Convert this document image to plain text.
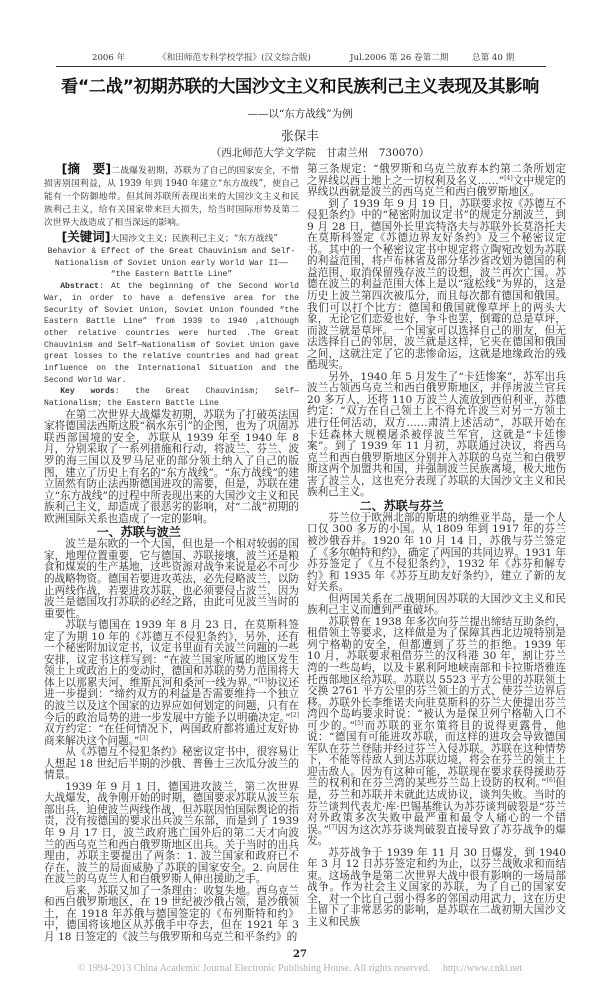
2006 年	《和田师范专科学校学报》(汉文综合版)	Jul.2006 第 26 卷第二期	总第 40 期
看“二战”初期苏联的大国沙文主义和民族利己主义表现及其影响
——以“东方战线”为例
张保丰
（西北师范大学文学院　甘肃兰州　730070）

[摘　要]二战爆发初期，苏联为了自己的国家安全，不惜损害别国利益，从 1939 年到 1940 年建立“东方战线”，使自己能有一个防御地带。但其间苏联所表现出来的大国沙文主义和民族利己主义，给有关国家带来巨大损失，给当时国际形势及第二次世界大战造成了相当深远的影响。

[关键词]大国沙文主义；民族利己主义；“东方战线”

Behavior & Effect of the Great Chauvinism and Self-Nationalism of Soviet Union early World War II—— “the Eastern Battle Line”

Abstract: At the beginning of the Second World War, in order to have a defensive area for the Security of Soviet Union, Soviet Union founded “the Eastern Battle Line” from 1939 to 1940 ,although other relative countries were hurted .The Great Chauvinism and Self—Nationalism of Soviet Union gave great losses to the relative countries and had great influence on the International Situation and the Second World War.

Key words: the Great Chauvinism; Self—Nationalism; the Eastern Battle Line

在第二次世界大战爆发初期，苏联为了打破英法国家将德国法西斯这股“祸水东引”的企图，也为了巩固苏联西部国境的安全，苏联从 1939 年至 1940 年 8 月，分别采取了一系列措施和行动，将波兰、芬兰、波罗的海三国以及罗马尼亚的部分领土纳入了自己的版图，建立了历史上有名的“东方战线”。“东方战线”的建立固然有防止法西斯德国进攻的需要，但是，苏联在建立“东方战线”的过程中所表现出来的大国沙文主义和民族利己主义，却造成了很恶劣的影响，对“二战”初期的欧洲国际关系也造成了一定的影响。

一、苏联与波兰

波兰是东欧的一个大国，但也是一个相对较弱的国家，地理位置重要，它与德国、苏联接壤，波兰还是粮食和煤炭的生产基地，这些资源对战争来说是必不可少的战略物资。德国若要进攻英法，必先侵略波兰，以防止两线作战，若要进攻苏联，也必须要侵占波兰，因为波兰是德国攻打苏联的必经之路，由此可见波兰当时的重要性。

苏联与德国在 1939 年 8 月 23 日，在莫斯科签定了为期 10 年的《苏德互不侵犯条约》，另外，还有一个秘密附加议定书，议定书里面有关波兰问题的一些安排，议定书这样写到：“在波兰国家所属的地区发生领土上或政治上的变动时，德国和苏联的势力范围将大体上以那累夫河、维斯瓦河和桑河一线为界。”[1]协议还进一步提到：“缔约双方的利益是否需要维持一个独立的波兰以及这个国家的边界应如何划定的问题，只有在今后的政治局势的进一步发展中方能予以明确决定。”[2]双方约定：“在任何情况下，两国政府都将通过友好协商来解决这个问题。”[3]

从《苏德互不侵犯条约》秘密议定书中，很容易让人想起 18 世纪后半期的沙俄、普鲁士三次瓜分波兰的情景。

1939 年 9 月 1 日，德国进攻波兰，第二次世界大战爆发，战争刚开始的时期，德国要求苏联从波兰东部出兵，迫使波兰两线作战，但苏联因怕国际舆论的指责，没有按德国的要求出兵波兰东部，而是到了 1939 年 9 月 17 日，波兰政府逃亡国外后的第二天才向波兰的西乌克兰和西白俄罗斯地区出兵。关于当时的出兵理由，苏联主要提出了两条：1. 波兰国家和政府已不存在，波兰的局面威胁了苏联的国家安全。2. 向居住在波兰的乌克兰人和白俄罗斯人伸出援助之手。

后来，苏联又加了一条理由：收复失地。西乌克兰和西白俄罗斯地区，在 19 世纪被沙俄占领，是沙俄领土，在 1918 年苏俄与德国签定的《布列斯特和约》中，德国将该地区从苏俄手中夺去，但在 1921 年 3 月 18 日签定的《波兰与俄罗斯和乌克兰和平条约》的

第三条规定：“俄罗斯和乌克兰放弃本约第二条所划定之界线以西土地上之一切权利及名义……”[4]文中规定的界线以西就是波兰的西乌克兰和西白俄罗斯地区。

到了 1939 年 9 月 19 日，苏联要求按《苏德互不侵犯条约》中的“秘密附加议定书”的规定分割波兰，到 9 月 28 日，德国外长里宾特洛夫与苏联外长莫洛托夫在莫斯科签定《苏德边界友好条约》及三个秘密议定书。其中的一个秘密议定书中规定将立陶宛改划为苏联的利益范围，将卢布林省及部分华沙省改划为德国的利益范围，取消保留残存波兰的设想，波兰再次亡国。苏德在波兰的利益范围大体上是以“寇松线”为界的，这是历史上波兰第四次被瓜分，而且每次都有德国和俄国。我们可以打个比方：德国和俄国就像草坪上的两头大象，无论它们恋爱也好，争斗也罢，倒霉的总是草坪，而波兰就是草坪。一个国家可以选择自己的朋友，但无法选择自己的邻居，波兰就是这样，它夹在德国和俄国之间，这就注定了它的悲惨命运，这就是地缘政治的残酷现实。

另外，1940 年 5 月发生了“卡廷惨案”，苏军出兵波兰占领西乌克兰和西白俄罗斯地区，并俘虏波兰官兵 20 多万人，还将 110 万波兰人流放到西伯利亚，苏德约定：“双方在自己领土上不得允许波兰对另一方领土进行任何活动，双方……肃清上述活动”，苏联开始在卡廷森林大规模屠杀被俘波兰军官，这就是“卡廷惨案”。到了 1939 年 11 月初，苏联通过决议，将西乌克兰和西白俄罗斯地区分别并入苏联的乌克兰和白俄罗斯这两个加盟共和国，并强制波兰民族离境，极大地伤害了波兰人，这也充分表现了苏联的大国沙文主义和民族利己主义。

二、苏联与芬兰

芬兰位于欧洲北部的斯堪的纳维亚半岛，是一个人口仅 300 多万的小国。从 1809 年到 1917 年的芬兰被沙俄吞并。1920 年 10 月 14 日，苏俄与芬兰签定了《多尔帕特和约》，确定了两国的共同边界。1931 年苏芬签定了《互不侵犯条约》，1932 年《苏芬和解专约》和 1935 年《苏芬互助友好条约》，建立了新的友好关系。

但两国关系在二战期间因苏联的大国沙文主义和民族利己主义而遭到严重破坏。

苏联曾在 1938 年多次向芬兰提出缔结互助条约，租借领土等要求，这样做是为了保障其西北边境特别是列宁格勒的安全，但都遭到了芬兰的拒绝。1939 年 10 月，苏联要求租借芬兰的汉科港 30 年，割让芬兰湾的一些岛屿，以及卡累利阿地峡南部和卡拉斯塔雅连托西部地区给苏联。苏联以 5523 平方公里的苏联领土交换 2761 平方公里的芬兰领土的方式，使芬兰边界后移。苏联外长李维诺夫向驻莫斯科的芬兰大使提出芬兰湾四个岛屿要求时说：“被认为是保卫列宁格勒入口不可少的。”[5]而苏联的亚尔策将目的说得更露骨，他说：“德国有可能进攻苏联，而这样的进攻会导致德国军队在芬兰登陆并经过芬兰入侵苏联。苏联在这种情势下，不能等待敌人到达苏联边境，将会在芬兰的领土上迎击敌人。因为有这种可能，苏联现在要求获得援助芬兰的权利和在芬兰湾的某些芬兰岛上设防的权利。”[6]但是，芬兰和苏联并未就此达成协议，谈判失败。当时的芬兰谈判代表尤·库·巴锡基维认为苏芬谈判破裂是“芬兰对外政策多次失败中最严重和最令人痛心的一个错误。”[7]因为这次苏芬谈判破裂直接导致了苏芬战争的爆发。

苏芬战争于 1939 年 11 月 30 日爆发，到 1940 年 3 月 12 日苏芬签定和约为止，以芬兰战败求和而结束。这场战争是第二次世界大战中很有影响的一场局部战争。作为社会主义国家的苏联，为了自己的国家安全，对一个比自己弱小得多的邻国动用武力，这在历史上留下了非常恶劣的影响，是苏联在二战初期大国沙文主义和民族

27
© 1994-2013 China Academic Journal Electronic Publishing House. All rights reserved.　 http://www.cnki.net
